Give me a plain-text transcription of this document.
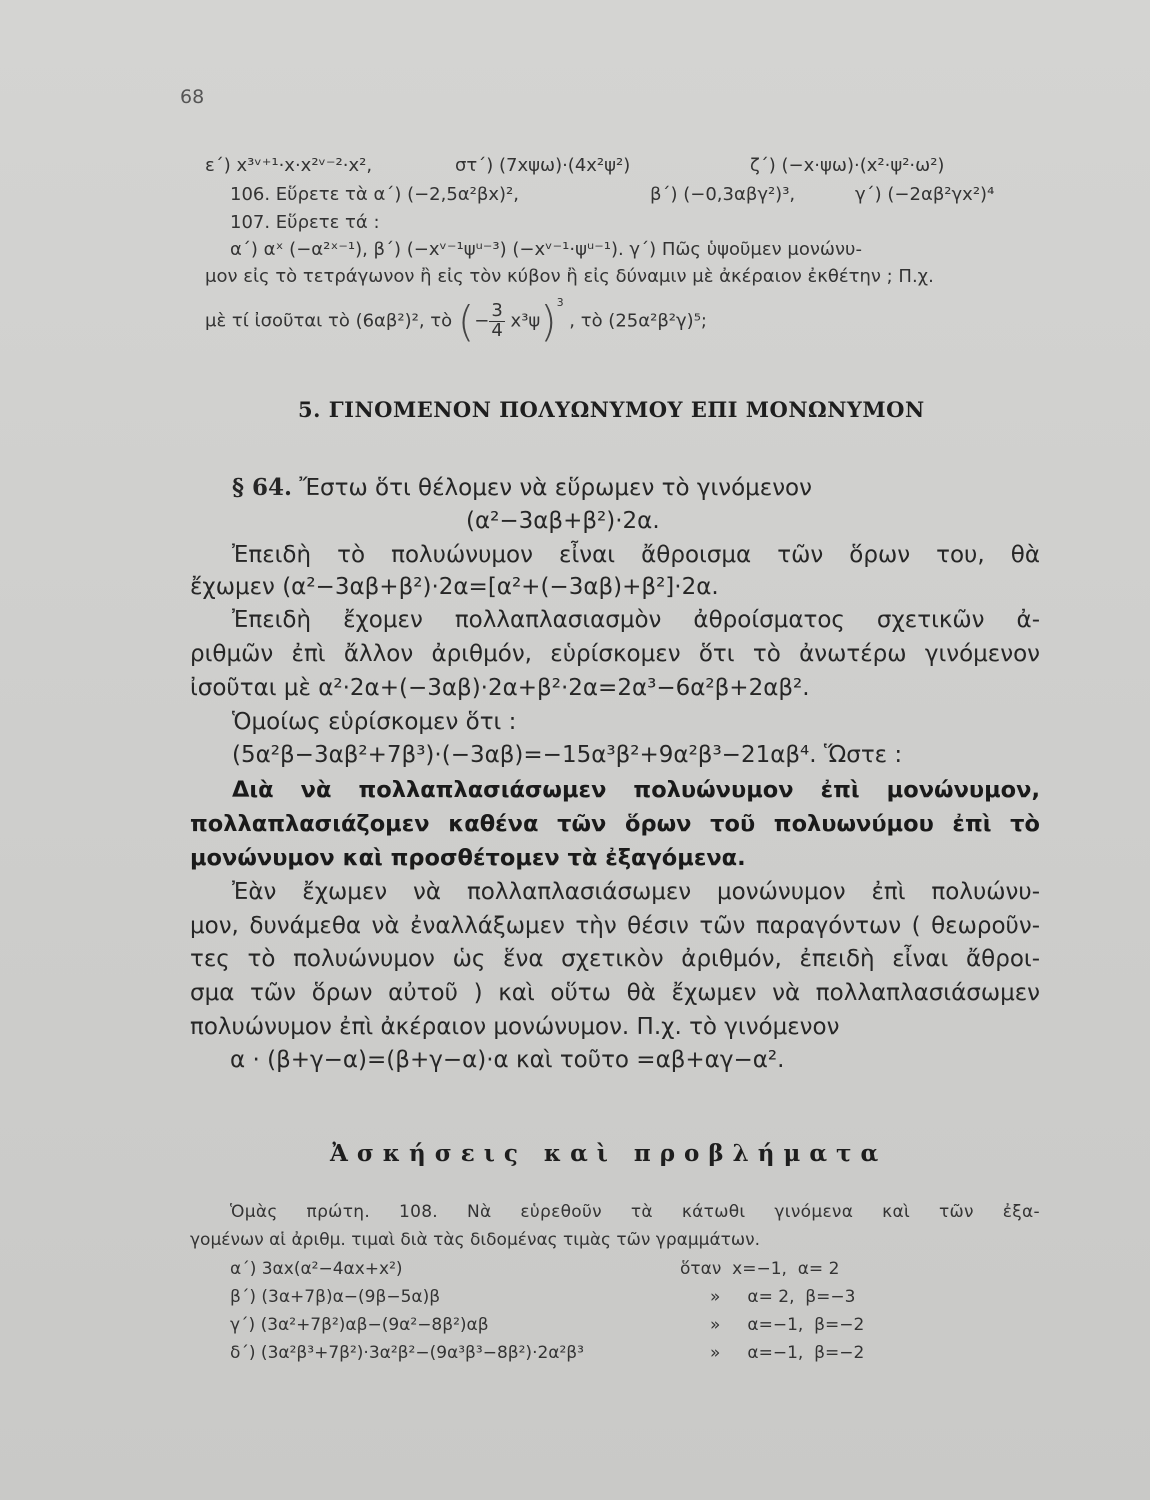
68
ε΄) x³ᵛ⁺¹·x·x²ᵛ⁻²·x²,	στ΄) (7xψω)·(4x²ψ²)	ζ΄) (−x·ψω)·(x²·ψ²·ω²)
106. Εὕρετε τὰ α΄) (−2,5α²βx)²,	β΄) (−0,3αβγ²)³,	γ΄) (−2αβ²γx²)⁴
107. Εὕρετε τά :
α΄) αˣ (−α²ˣ⁻¹), β΄) (−xᵛ⁻¹ψᵘ⁻³) (−xᵛ⁻¹·ψᵘ⁻¹). γ΄) Πῶς ὑψοῦμεν μονώνυ-
μον εἰς τὸ τετράγωνον ἢ εἰς τὸν κύβον ἢ εἰς δύναμιν μὲ ἀκέραιον ἐκθέτην ; Π.χ.
μὲ τί ἰσοῦται τὸ (6αβ²)², τὸ (− $\frac{3}{4} x^3\psi)^3$ , τὸ (25α²β²γ)⁵;
5. ΓΙΝΟΜΕΝΟΝ ΠΟΛΥΩΝΥΜΟΥ ΕΠΙ ΜΟΝΩΝΥΜΟΝ
§ 64. Ἔστω ὅτι θέλομεν νὰ εὕρωμεν τὸ γινόμενον
(α²−3αβ+β²)·2α.
Ἐπειδὴ τὸ πολυώνυμον εἶναι ἄθροισμα τῶν ὅρων του, θὰ
ἔχωμεν (α²−3αβ+β²)·2α=[α²+(−3αβ)+β²]·2α.
Ἐπειδὴ ἔχομεν πολλαπλασιασμὸν ἀθροίσματος σχετικῶν ἀ-
ριθμῶν ἐπὶ ἄλλον ἀριθμόν, εὑρίσκομεν ὅτι τὸ ἀνωτέρω γινόμενον
ἰσοῦται μὲ α²·2α+(−3αβ)·2α+β²·2α=2α³−6α²β+2αβ².
Ὁμοίως εὑρίσκομεν ὅτι :
(5α²β−3αβ²+7β³)·(−3αβ)=−15α³β²+9α²β³−21αβ⁴. Ὥστε :
Διὰ νὰ πολλαπλασιάσωμεν πολυώνυμον ἐπὶ μονώνυμον,
πολλαπλασιάζομεν καθένα τῶν ὅρων τοῦ πολυωνύμου ἐπὶ τὸ
μονώνυμον καὶ προσθέτομεν τὰ ἐξαγόμενα.
Ἐὰν ἔχωμεν νὰ πολλαπλασιάσωμεν μονώνυμον ἐπὶ πολυώνυ-
μον, δυνάμεθα νὰ ἐναλλάξωμεν τὴν θέσιν τῶν παραγόντων ( θεωροῦν-
τες τὸ πολυώνυμον ὡς ἕνα σχετικὸν ἀριθμόν, ἐπειδὴ εἶναι ἄθροι-
σμα τῶν ὅρων αὐτοῦ ) καὶ οὕτω θὰ ἔχωμεν νὰ πολλαπλασιάσωμεν
πολυώνυμον ἐπὶ ἀκέραιον μονώνυμον. Π.χ. τὸ γινόμενον
α · (β+γ−α)=(β+γ−α)·α καὶ τοῦτο =αβ+αγ−α².
Ἀσκήσεις καὶ προβλήματα
Ὁμὰς πρώτη. 108. Νὰ εὑρεθοῦν τὰ κάτωθι γινόμενα καὶ τῶν ἐξα-
γομένων αἱ ἀριθμ. τιμαὶ διὰ τὰς διδομένας τιμὰς τῶν γραμμάτων.
α΄) 3αx(α²−4αx+x²)	ὅταν  x=−1,  α= 2
β΄) (3α+7β)α−(9β−5α)β	»     α= 2,  β=−3
γ΄) (3α²+7β²)αβ−(9α²−8β²)αβ	»     α=−1,  β=−2
δ΄) (3α²β³+7β²)·3α²β²−(9α³β³−8β²)·2α²β³	»     α=−1,  β=−2
